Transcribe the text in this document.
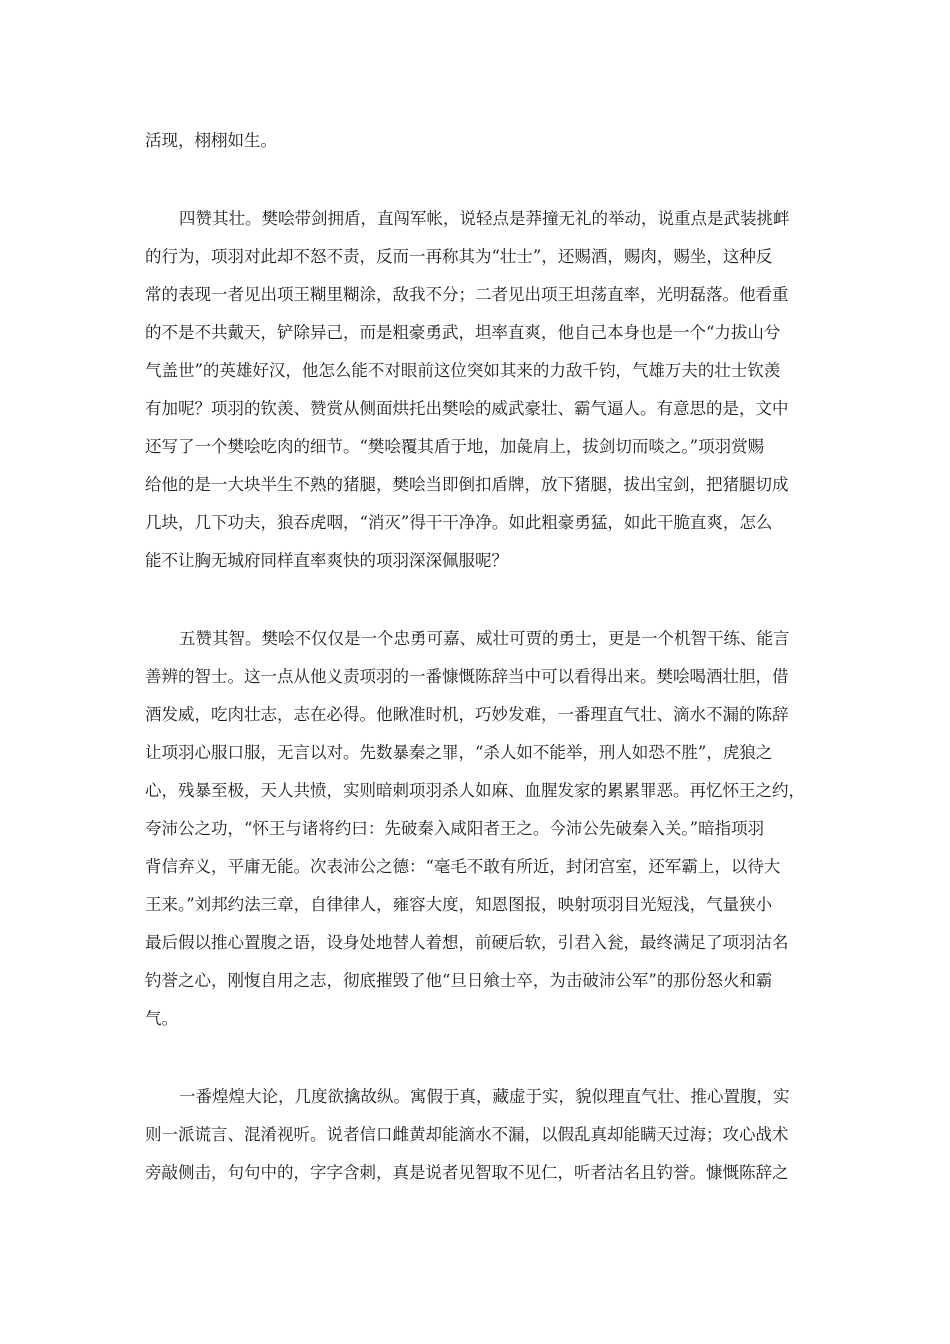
活现，栩栩如生。
四赞其壮。樊哙带剑拥盾，直闯军帐，说轻点是莽撞无礼的举动，说重点是武装挑衅
的行为，项羽对此却不怒不责，反而一再称其为“壮士”，还赐酒，赐肉，赐坐，这种反
常的表现一者见出项王糊里糊涂，敌我不分；二者见出项王坦荡直率，光明磊落。他看重
的不是不共戴天，铲除异己，而是粗豪勇武，坦率直爽，他自己本身也是一个“力拔山兮
气盖世”的英雄好汉，他怎么能不对眼前这位突如其来的力敌千钧，气雄万夫的壮士钦羡
有加呢？项羽的钦羡、赞赏从侧面烘托出樊哙的威武豪壮、霸气逼人。有意思的是，文中
还写了一个樊哙吃肉的细节。“樊哙覆其盾于地，加彘肩上，拔剑切而啖之。”项羽赏赐
给他的是一大块半生不熟的猪腿，樊哙当即倒扣盾牌，放下猪腿，拔出宝剑，把猪腿切成
几块，几下功夫，狼吞虎咽，“消灭”得干干净净。如此粗豪勇猛，如此干脆直爽，怎么
能不让胸无城府同样直率爽快的项羽深深佩服呢？
五赞其智。樊哙不仅仅是一个忠勇可嘉、威壮可贾的勇士，更是一个机智干练、能言
善辨的智士。这一点从他义责项羽的一番慷慨陈辞当中可以看得出来。樊哙喝酒壮胆，借
酒发威，吃肉壮志，志在必得。他瞅准时机，巧妙发难，一番理直气壮、滴水不漏的陈辞
让项羽心服口服，无言以对。先数暴秦之罪，“杀人如不能举，刑人如恐不胜”，虎狼之
心，残暴至极，天人共愤，实则暗刺项羽杀人如麻、血腥发家的累累罪恶。再忆怀王之约，
夸沛公之功，“怀王与诸将约曰：先破秦入咸阳者王之。今沛公先破秦入关。”暗指项羽
背信弃义，平庸无能。次表沛公之德：“毫毛不敢有所近，封闭宫室，还军霸上，以待大
王来。”刘邦约法三章，自律律人，雍容大度，知恩图报，映射项羽目光短浅，气量狭小
最后假以推心置腹之语，设身处地替人着想，前硬后软，引君入瓮，最终满足了项羽沽名
钓誉之心，刚愎自用之志，彻底摧毁了他“旦日飨士卒，为击破沛公军”的那份怒火和霸
气。
一番煌煌大论，几度欲擒故纵。寓假于真，藏虚于实，貌似理直气壮、推心置腹，实
则一派谎言、混淆视听。说者信口雌黄却能滴水不漏，以假乱真却能瞒天过海；攻心战术
旁敲侧击，句句中的，字字含刺，真是说者见智取不见仁，听者沽名且钓誉。慷慨陈辞之
